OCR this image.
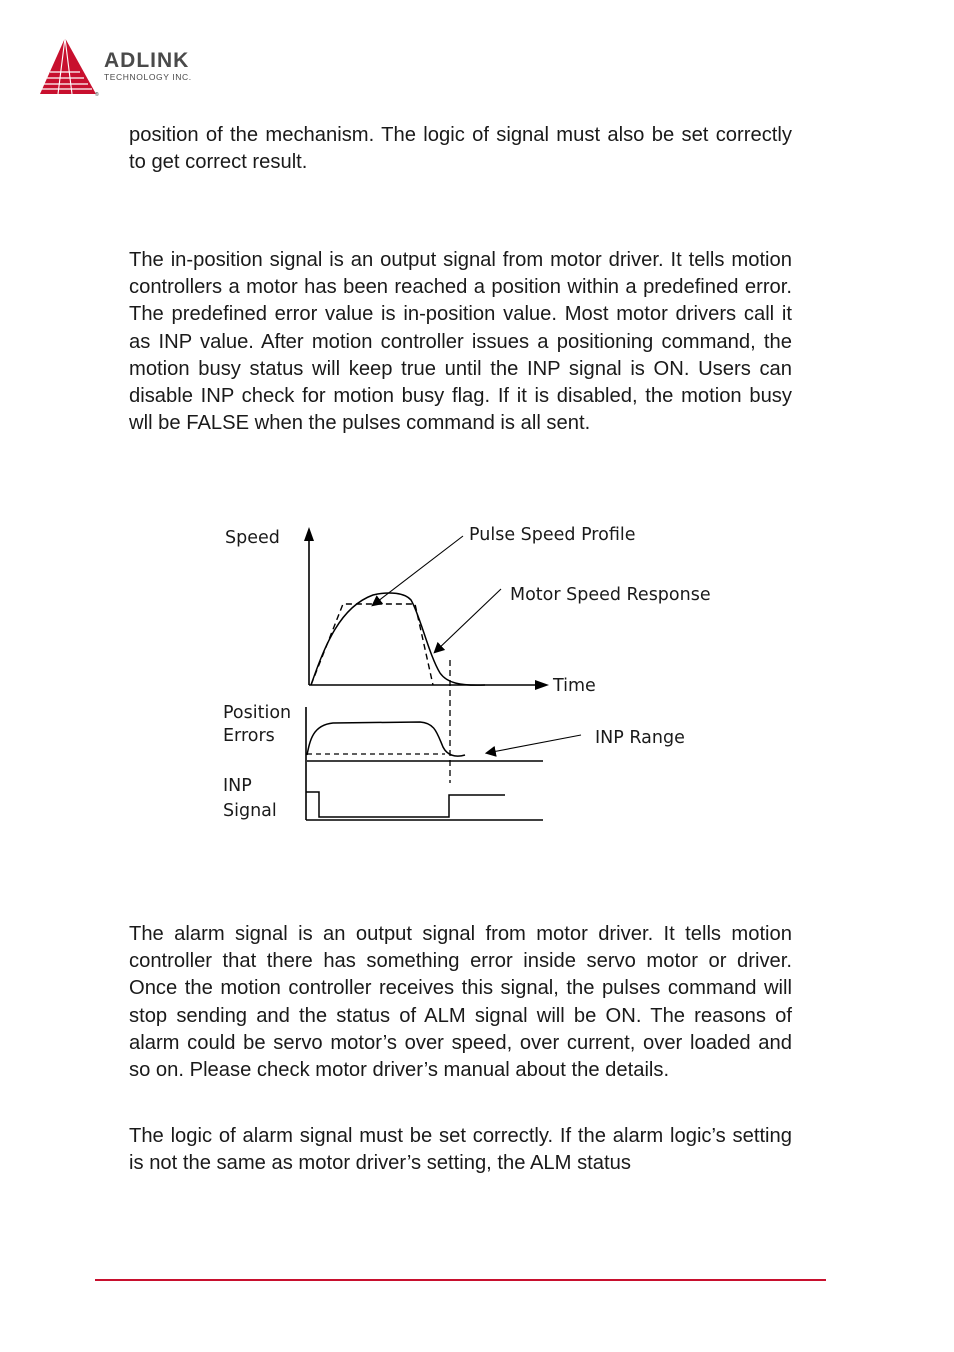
®
ADLINK
TECHNOLOGY INC.

position of the mechanism. The logic of signal must also be set correctly to get correct result.

The in-position signal is an output signal from motor driver. It tells motion controllers a motor has been reached a position within a predefined error. The predefined error value is in-position value. Most motor drivers call it as INP value. After motion controller issues a positioning command, the motion busy status will keep true until the INP signal is ON. Users can disable INP check for motion busy flag. If it is disabled, the motion busy wll be FALSE when the pulses command is all sent.

Speed
Time
Pulse Speed Profile
Motor Speed Response
Position
Errors	INP Range
INP
Signal

The alarm signal is an output signal from motor driver. It tells motion controller that there has something error inside servo motor or driver. Once the motion controller receives this signal, the pulses command will stop sending and the status of ALM signal will be ON. The reasons of alarm could be servo motor’s over speed, over current, over loaded and so on. Please check motor driver’s manual about the details.

The logic of alarm signal must be set correctly. If the alarm logic’s setting is not the same as motor driver’s setting, the ALM status
